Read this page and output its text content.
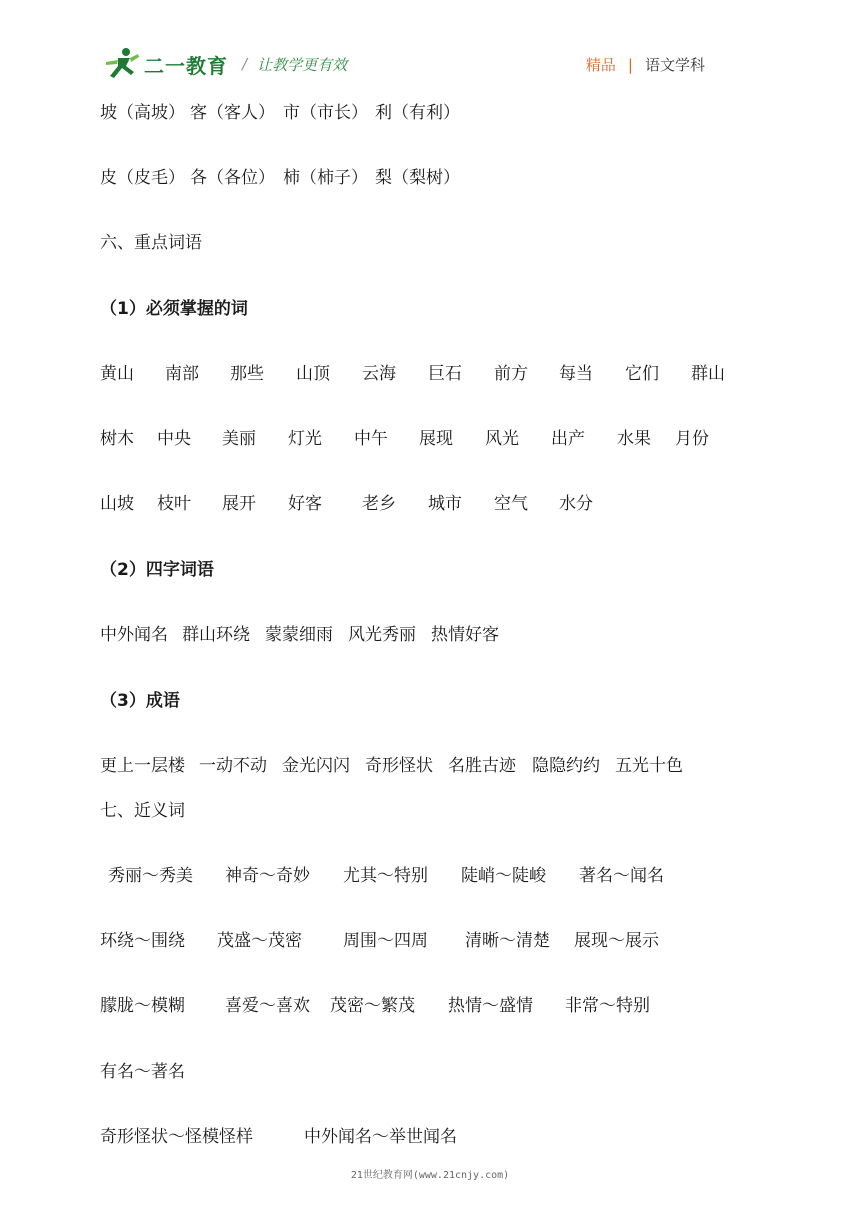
二一教育 / 让教学更有效	精品 | 语文学科
坡（高坡） 客（客人） 市（市长） 利（有利）
皮（皮毛） 各（各位） 柿（柿子） 梨（梨树）
六、重点词语
（1）必须掌握的词
黄山 南部 那些 山顶 云海 巨石 前方 每当 它们 群山
树木 中央 美丽 灯光 中午 展现 风光 出产 水果 月份
山坡 枝叶 展开 好客 老乡 城市 空气 水分
（2）四字词语
中外闻名 群山环绕 蒙蒙细雨 风光秀丽 热情好客
（3）成语
更上一层楼 一动不动 金光闪闪 奇形怪状 名胜古迹 隐隐约约 五光十色
七、近义词
秀丽～秀美 神奇～奇妙 尤其～特别 陡峭～陡峻 著名～闻名
环绕～围绕 茂盛～茂密 周围～四周 清晰～清楚 展现～展示
朦胧～模糊 喜爱～喜欢 茂密～繁茂 热情～盛情 非常～特别
有名～著名
奇形怪状～怪模怪样	中外闻名～举世闻名
21世纪教育网(www.21cnjy.com)
